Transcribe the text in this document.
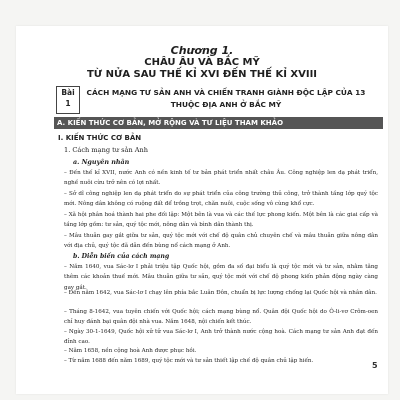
Chương 1.
CHÂU ÂU VÀ BẮC MỸ
TỪ NỬA SAU THẾ KỈ XVI ĐẾN THẾ KỈ XVIII
Bài
1
CÁCH MẠNG TƯ SẢN ANH VÀ CHIẾN TRANH GIÀNH ĐỘC LẬP CỦA 13 THUỘC ĐỊA ANH Ở BẮC MỸ
A. KIẾN THỨC CƠ BẢN, MỞ RỘNG VÀ TƯ LIỆU THAM KHẢO
I. KIẾN THỨC CƠ BẢN
1. Cách mạng tư sản Anh
a. Nguyên nhân
– Đến thế kỉ XVII, nước Anh có nền kinh tế tư bản phát triển nhất châu Âu. Công nghiệp len dạ phát triển, nghề nuôi cừu trở nên có lợi nhất.
– Sở dĩ công nghiệp len dạ phát triển do sự phát triển của công trường thủ công, trở thành tầng lớp quý tộc mới. Nông dân không có ruộng đất để trồng trọt, chăn nuôi, cuộc sống vô cùng khổ cực.
– Xã hội phân hoá thành hai phe đối lập: Một bên là vua và các thế lực phong kiến. Một bên là các giai cấp và tầng lớp gồm: tư sản, quý tộc mới, nông dân và bình dân thành thị.
– Mâu thuẫn gay gắt giữa tư sản, quý tộc mới với chế độ quân chủ chuyên chế và mâu thuẫn giữa nông dân với địa chủ, quý tộc đã dẫn đến bùng nổ cách mạng ở Anh.
b. Diễn biến của cách mạng
– Năm 1640, vua Sác-lơ I phải triệu tập Quốc hội, gồm đa số đại biểu là quý tộc mới và tư sản, nhằm tăng thêm các khoản thuế mới. Mâu thuẫn giữa tư sản, quý tộc mới với chế độ phong kiến phản động ngày càng gay gắt.
– Đến năm 1642, vua Sác-lơ I chạy lên phía bắc Luân Đôn, chuẩn bị lực lượng chống lại Quốc hội và nhân dân.
– Tháng 8-1642, vua tuyên chiến với Quốc hội; cách mạng bùng nổ. Quân đội Quốc hội do Ô-li-vơ Crôm-oen chỉ huy đánh bại quân đội nhà vua. Năm 1648, nội chiến kết thúc.
– Ngày 30-1-1649, Quốc hội xử tử vua Sác-lơ I, Anh trở thành nước cộng hoà. Cách mạng tư sản Anh đạt đến đỉnh cao.
– Năm 1658, nền cộng hoà Anh được phục hồi.
– Từ năm 1688 đến năm 1689, quý tộc mới và tư sản thiết lập chế độ quân chủ lập hiến.	5
